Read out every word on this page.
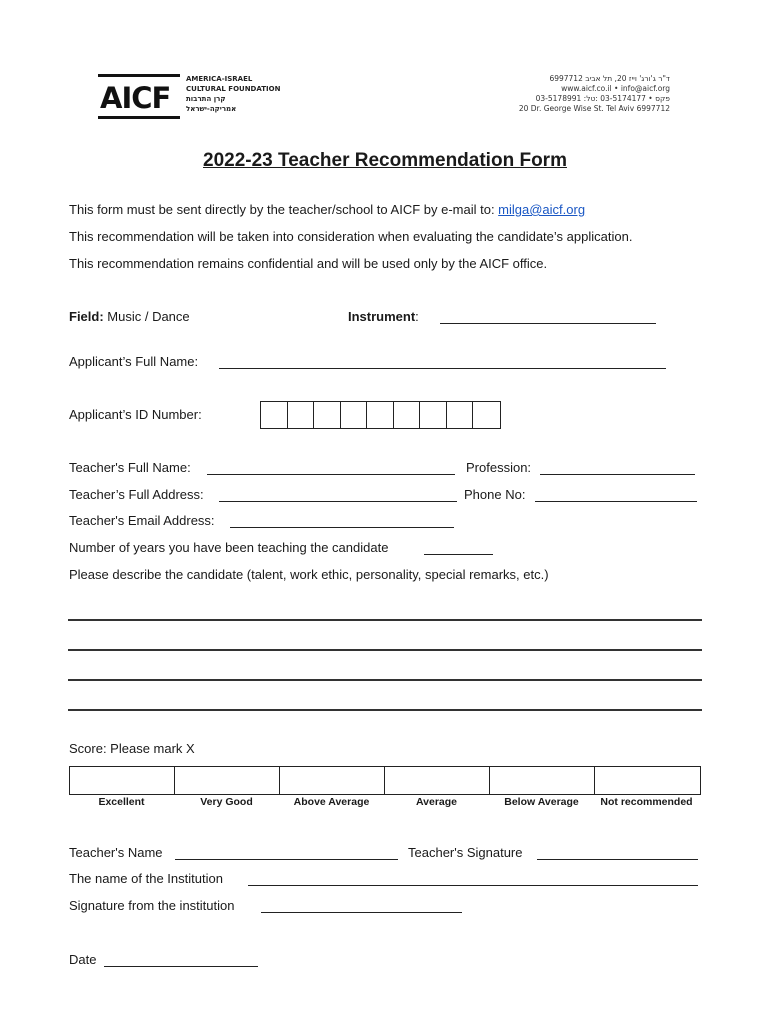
AICF
AMERICA-ISRAEL
CULTURAL FOUNDATION
קרן התרבות
אמריקה-ישראל
ד"ר ג'ורג' וייז 20, תל אביב 6997712
www.aicf.co.il • info@aicf.org
03-5178991 :פקס • 03-5174177 :טל
20 Dr. George Wise St. Tel Aviv 6997712
2022-23 Teacher Recommendation Form
This form must be sent directly by the teacher/school to AICF by e-mail to: milga@aicf.org
This recommendation will be taken into consideration when evaluating the candidate’s application.
This recommendation remains confidential and will be used only by the AICF office.
Field: Music / Dance	Instrument:
Applicant’s Full Name:
Applicant’s ID Number:
Teacher's Full Name:	Profession:
Teacher’s Full Address:	Phone No:
Teacher's Email Address:
Number of years you have been teaching the candidate
Please describe the candidate (talent, work ethic, personality, special remarks, etc.)
Score: Please mark X
Excellent	Very Good	Above Average	Average	Below Average	Not recommended
Teacher's Name	Teacher's Signature
The name of the Institution
Signature from the institution
Date
